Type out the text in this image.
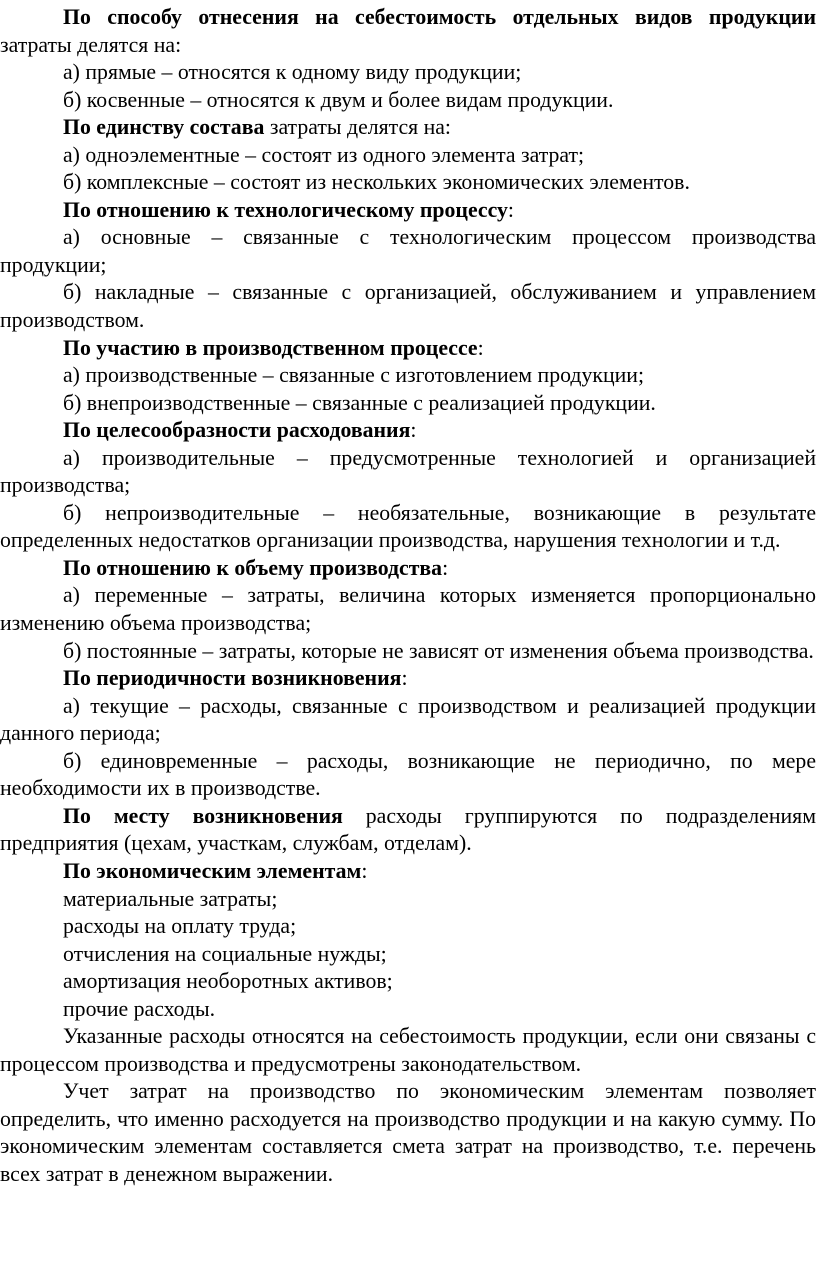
По способу отнесения на себестоимость отдельных видов продукции затраты делятся на:

а) прямые – относятся к одному виду продукции;

б) косвенные – относятся к двум и более видам продукции.

По единству состава затраты делятся на:

а) одноэлементные – состоят из одного элемента затрат;

б) комплексные – состоят из нескольких экономических элементов.

По отношению к технологическому процессу:

а) основные – связанные с технологическим процессом производства продукции;

б) накладные – связанные с организацией, обслуживанием и управлением производством.

По участию в производственном процессе:

а) производственные – связанные с изготовлением продукции;

б) внепроизводственные – связанные с реализацией продукции.

По целесообразности расходования:

а) производительные – предусмотренные технологией и организацией производства;

б) непроизводительные – необязательные, возникающие в результате определенных недостатков организации производства, нарушения технологии и т.д.

По отношению к объему производства:

а) переменные – затраты, величина которых изменяется пропорционально изменению объема производства;

б) постоянные – затраты, которые не зависят от изменения объема производства.

По периодичности возникновения:

а) текущие – расходы, связанные с производством и реализацией продукции данного периода;

б) единовременные – расходы, возникающие не периодично, по мере необходимости их в производстве.

По месту возникновения расходы группируются по подразделениям предприятия (цехам, участкам, службам, отделам).

По экономическим элементам:

материальные затраты;

расходы на оплату труда;

отчисления на социальные нужды;

амортизация необоротных активов;

прочие расходы.

Указанные расходы относятся на себестоимость продукции, если они связаны с процессом производства и предусмотрены законодательством.

Учет затрат на производство по экономическим элементам позволяет определить, что именно расходуется на производство продукции и на какую сумму. По экономическим элементам составляется смета затрат на производство, т.е. перечень всех затрат в денежном выражении.
